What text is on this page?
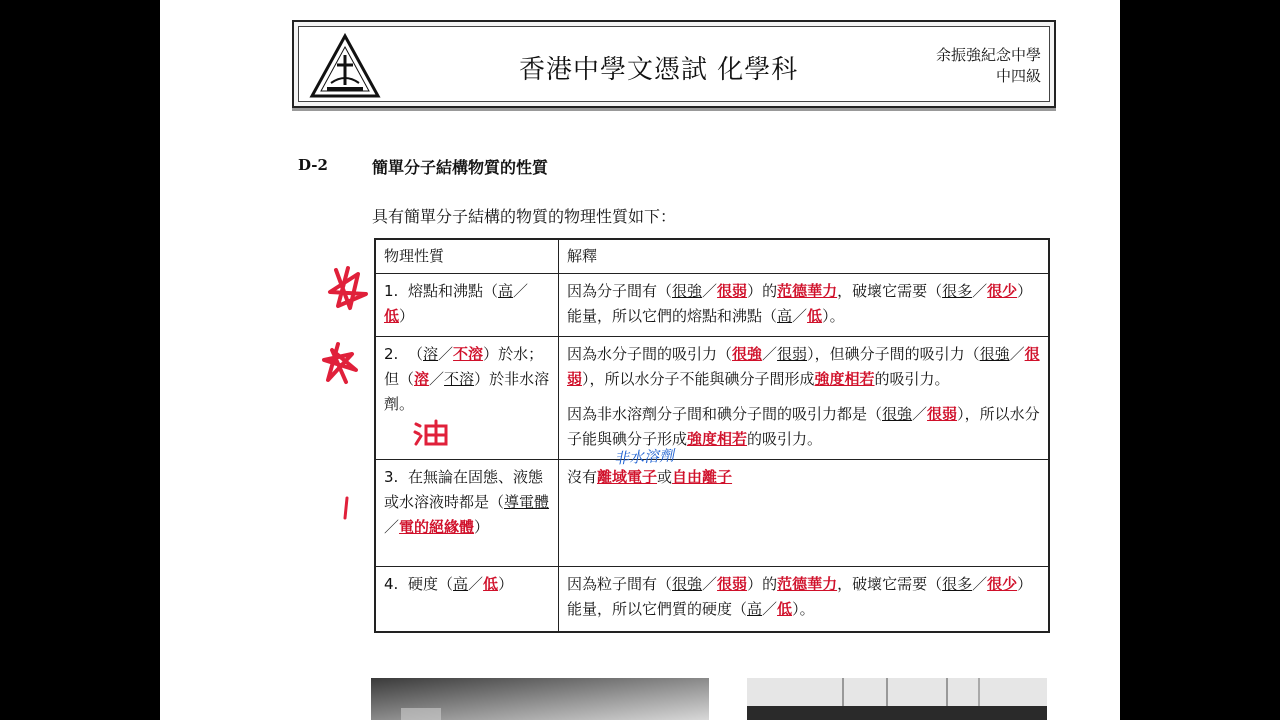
香港中學文憑試 化學科	余振強紀念中學
中四級
D-2	簡單分子結構物質的性質
具有簡單分子結構的物質的物理性質如下：
物理性質	解釋
1. 熔點和沸點（高／低）	因為分子間有（很強／很弱）的范德華力，破壞它需要（很多／很少）能量，所以它們的熔點和沸點（高／低）。
2. （溶／不溶）於水；但（溶／不溶）於非水溶劑。	因為水分子間的吸引力（很強／很弱），但碘分子間的吸引力（很強／很弱），所以水分子不能與碘分子間形成強度相若的吸引力。
因為非水溶劑分子間和碘分子間的吸引力都是（很強／很弱），所以水分子能與碘分子形成強度相若的吸引力。

3. 在無論在固態、液態或水溶液時都是（導電體／電的絕緣體）	沒有離域電子或自由離子
4. 硬度（高／低）	因為粒子間有（很強／很弱）的范德華力，破壞它需要（很多／很少）能量，所以它們質的硬度（高／低）。
非水溶劑
